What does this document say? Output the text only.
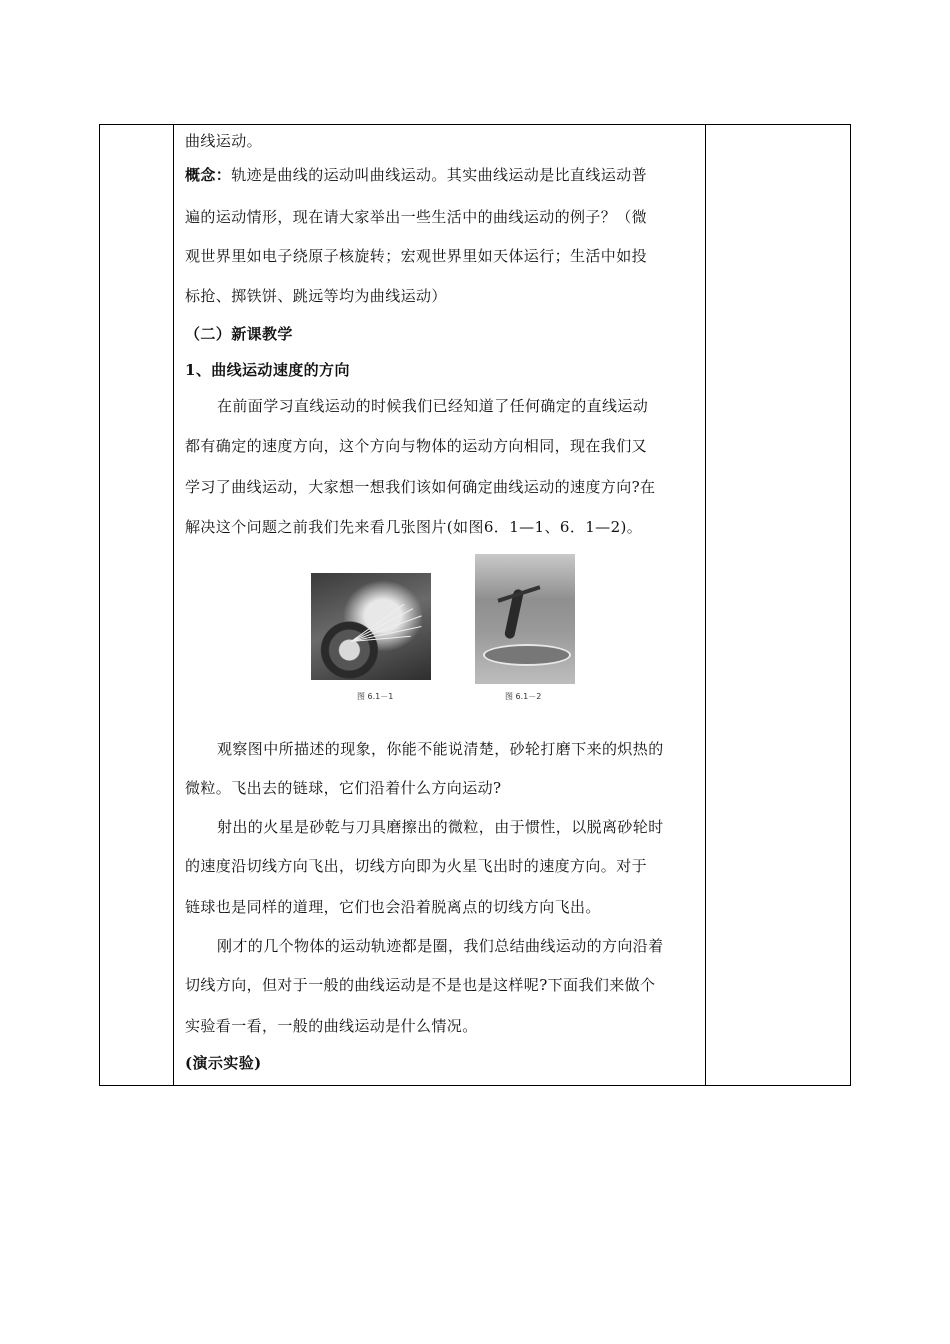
曲线运动。
概念：轨迹是曲线的运动叫曲线运动。其实曲线运动是比直线运动普
遍的运动情形，现在请大家举出一些生活中的曲线运动的例子？（微
观世界里如电子绕原子核旋转；宏观世界里如天体运行；生活中如投
标抢、掷铁饼、跳远等均为曲线运动）
（二）新课教学
1、曲线运动速度的方向
在前面学习直线运动的时候我们已经知道了任何确定的直线运动
都有确定的速度方向，这个方向与物体的运动方向相同，现在我们又
学习了曲线运动，大家想一想我们该如何确定曲线运动的速度方向?在
解决这个问题之前我们先来看几张图片(如图6．1—1、6．1—2)。
图 6.1－1	图 6.1－2
观察图中所描述的现象，你能不能说清楚，砂轮打磨下来的炽热的
微粒。飞出去的链球，它们沿着什么方向运动?
射出的火星是砂乾与刀具磨擦出的微粒，由于惯性，以脱离砂轮时
的速度沿切线方向飞出，切线方向即为火星飞出时的速度方向。对于
链球也是同样的道理，它们也会沿着脱离点的切线方向飞出。
刚才的几个物体的运动轨迹都是圈，我们总结曲线运动的方向沿着
切线方向，但对于一般的曲线运动是不是也是这样呢?下面我们来做个
实验看一看，一般的曲线运动是什么情况。
(演示实验)
